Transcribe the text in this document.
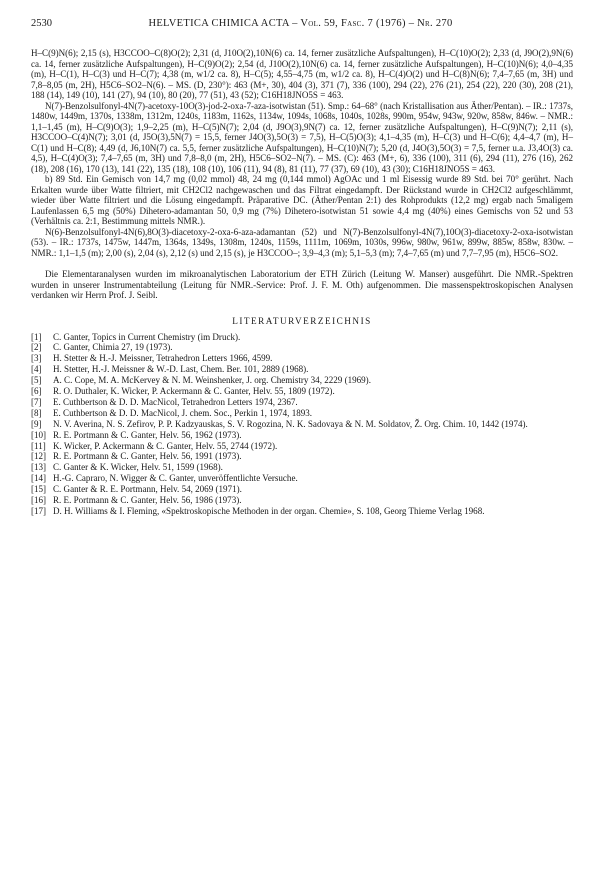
2530	HELVETICA CHIMICA ACTA – Vol. 59, Fasc. 7 (1976) – Nr. 270

H–C(9)N(6); 2,15 (s), H3CCOO–C(8)O(2); 2,31 (d, J10O(2),10N(6) ca. 14, ferner zusätzliche Aufspaltungen), H–C(10)O(2); 2,33 (d, J9O(2),9N(6) ca. 14, ferner zusätzliche Aufspaltungen), H–C(9)O(2); 2,54 (d, J10O(2),10N(6) ca. 14, ferner zusätzliche Aufspaltungen), H–C(10)N(6); 4,0–4,35 (m), H–C(1), H–C(3) und H–C(7); 4,38 (m, w1/2 ca. 8), H–C(5); 4,55–4,75 (m, w1/2 ca. 8), H–C(4)O(2) und H–C(8)N(6); 7,4–7,65 (m, 3H) und 7,8–8,05 (m, 2H), H5C6–SO2–N(6). – MS. (D, 230°): 463 (M+, 30), 404 (3), 371 (7), 336 (100), 294 (22), 276 (21), 254 (22), 220 (30), 208 (21), 188 (14), 149 (10), 141 (27), 94 (10), 80 (20), 77 (51), 43 (52); C16H18JNO5S = 463.

N(7)-Benzolsulfonyl-4N(7)-acetoxy-10O(3)-jod-2-oxa-7-aza-isotwistan (51). Smp.: 64–68° (nach Kristallisation aus Äther/Pentan). – IR.: 1737s, 1480w, 1449m, 1370s, 1338m, 1312m, 1240s, 1183m, 1162s, 1134w, 1094s, 1068s, 1040s, 1028s, 990m, 954w, 943w, 920w, 858w, 846w. – NMR.: 1,1–1,45 (m), H–C(9)O(3); 1,9–2,25 (m), H–C(5)N(7); 2,04 (d, J9O(3),9N(7) ca. 12, ferner zusätzliche Aufspaltungen), H–C(9)N(7); 2,11 (s), H3CCOO–C(4)N(7); 3,01 (d, J5O(3),5N(7) = 15,5, ferner J4O(3),5O(3) = 7,5), H–C(5)O(3); 4,1–4,35 (m), H–C(3) und H–C(6); 4,4–4,7 (m), H–C(1) und H–C(8); 4,49 (d, J6,10N(7) ca. 5,5, ferner zusätzliche Aufspaltungen), H–C(10)N(7); 5,20 (d, J4O(3),5O(3) = 7,5, ferner u.a. J3,4O(3) ca. 4,5), H–C(4)O(3); 7,4–7,65 (m, 3H) und 7,8–8,0 (m, 2H), H5C6–SO2–N(7). – MS. (C): 463 (M+, 6), 336 (100), 311 (6), 294 (11), 276 (16), 262 (18), 208 (16), 170 (13), 141 (22), 135 (18), 108 (10), 106 (11), 94 (8), 81 (11), 77 (37), 69 (10), 43 (30); C16H18JNO5S = 463.

b) 89 Std. Ein Gemisch von 14,7 mg (0,02 mmol) 48, 24 mg (0,144 mmol) AgOAc und 1 ml Eisessig wurde 89 Std. bei 70° gerührt. Nach Erkalten wurde über Watte filtriert, mit CH2Cl2 nachgewaschen und das Filtrat eingedampft. Der Rückstand wurde in CH2Cl2 aufgeschlämmt, wieder über Watte filtriert und die Lösung eingedampft. Präparative DC. (Äther/Pentan 2:1) des Rohprodukts (12,2 mg) ergab nach 5maligem Laufenlassen 6,5 mg (50%) Dihetero-adamantan 50, 0,9 mg (7%) Dihetero-isotwistan 51 sowie 4,4 mg (40%) eines Gemischs von 52 und 53 (Verhältnis ca. 2:1, Bestimmung mittels NMR.).

N(6)-Benzolsulfonyl-4N(6),8O(3)-diacetoxy-2-oxa-6-aza-adamantan (52) und N(7)-Benzolsulfonyl-4N(7),10O(3)-diacetoxy-2-oxa-isotwistan (53). – IR.: 1737s, 1475w, 1447m, 1364s, 1349s, 1308m, 1240s, 1159s, 1111m, 1069m, 1030s, 996w, 980w, 961w, 899w, 885w, 858w, 830w. – NMR.: 1,1–1,5 (m); 2,00 (s), 2,04 (s), 2,12 (s) und 2,15 (s), je H3CCOO–; 3,9–4,3 (m); 5,1–5,3 (m); 7,4–7,65 (m) und 7,7–7,95 (m), H5C6–SO2.

Die Elementaranalysen wurden im mikroanalytischen Laboratorium der ETH Zürich (Leitung W. Manser) ausgeführt. Die NMR.-Spektren wurden in unserer Instrumentabteilung (Leitung für NMR.-Service: Prof. J. F. M. Oth) aufgenommen. Die massenspektroskopischen Analysen verdanken wir Herrn Prof. J. Seibl.

LITERATURVERZEICHNIS
[1]	C. Ganter, Topics in Current Chemistry (im Druck).
[2]	C. Ganter, Chimia 27, 19 (1973).
[3]	H. Stetter & H.-J. Meissner, Tetrahedron Letters 1966, 4599.
[4]	H. Stetter, H.-J. Meissner & W.-D. Last, Chem. Ber. 101, 2889 (1968).
[5]	A. C. Cope, M. A. McKervey & N. M. Weinshenker, J. org. Chemistry 34, 2229 (1969).
[6]	R. O. Duthaler, K. Wicker, P. Ackermann & C. Ganter, Helv. 55, 1809 (1972).
[7]	E. Cuthbertson & D. D. MacNicol, Tetrahedron Letters 1974, 2367.
[8]	E. Cuthbertson & D. D. MacNicol, J. chem. Soc., Perkin 1, 1974, 1893.
[9]	N. V. Averina, N. S. Zefirov, P. P. Kadzyauskas, S. V. Rogozina, N. K. Sadovaya & N. M. Soldatov, Ž. Org. Chim. 10, 1442 (1974).
[10] R. E. Portmann & C. Ganter, Helv. 56, 1962 (1973).
[11] K. Wicker, P. Ackermann & C. Ganter, Helv. 55, 2744 (1972).
[12] R. E. Portmann & C. Ganter, Helv. 56, 1991 (1973).
[13] C. Ganter & K. Wicker, Helv. 51, 1599 (1968).
[14] H.-G. Capraro, N. Wigger & C. Ganter, unveröffentlichte Versuche.
[15] C. Ganter & R. E. Portmann, Helv. 54, 2069 (1971).
[16] R. E. Portmann & C. Ganter, Helv. 56, 1986 (1973).
[17] D. H. Williams & I. Fleming, «Spektroskopische Methoden in der organ. Chemie», S. 108, Georg Thieme Verlag 1968.
